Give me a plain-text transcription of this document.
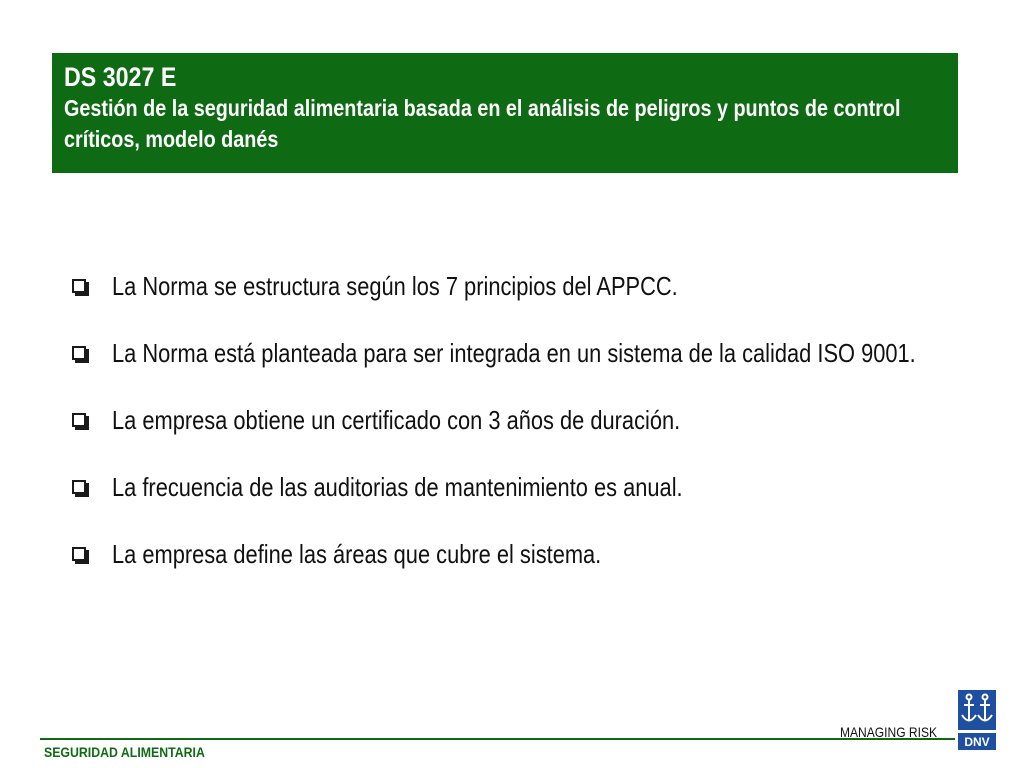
DS 3027 E
Gestión de la seguridad alimentaria basada en el análisis de peligros y puntos de control críticos, modelo danés
La Norma se estructura según los 7 principios del APPCC.
La Norma está planteada para ser integrada en un sistema de la calidad ISO 9001.
La empresa obtiene un certificado con 3 años de duración.
La frecuencia de las auditorias de mantenimiento es anual.
La empresa define las áreas que cubre el sistema.
SEGURIDAD ALIMENTARIA
MANAGING RISK
DNV
